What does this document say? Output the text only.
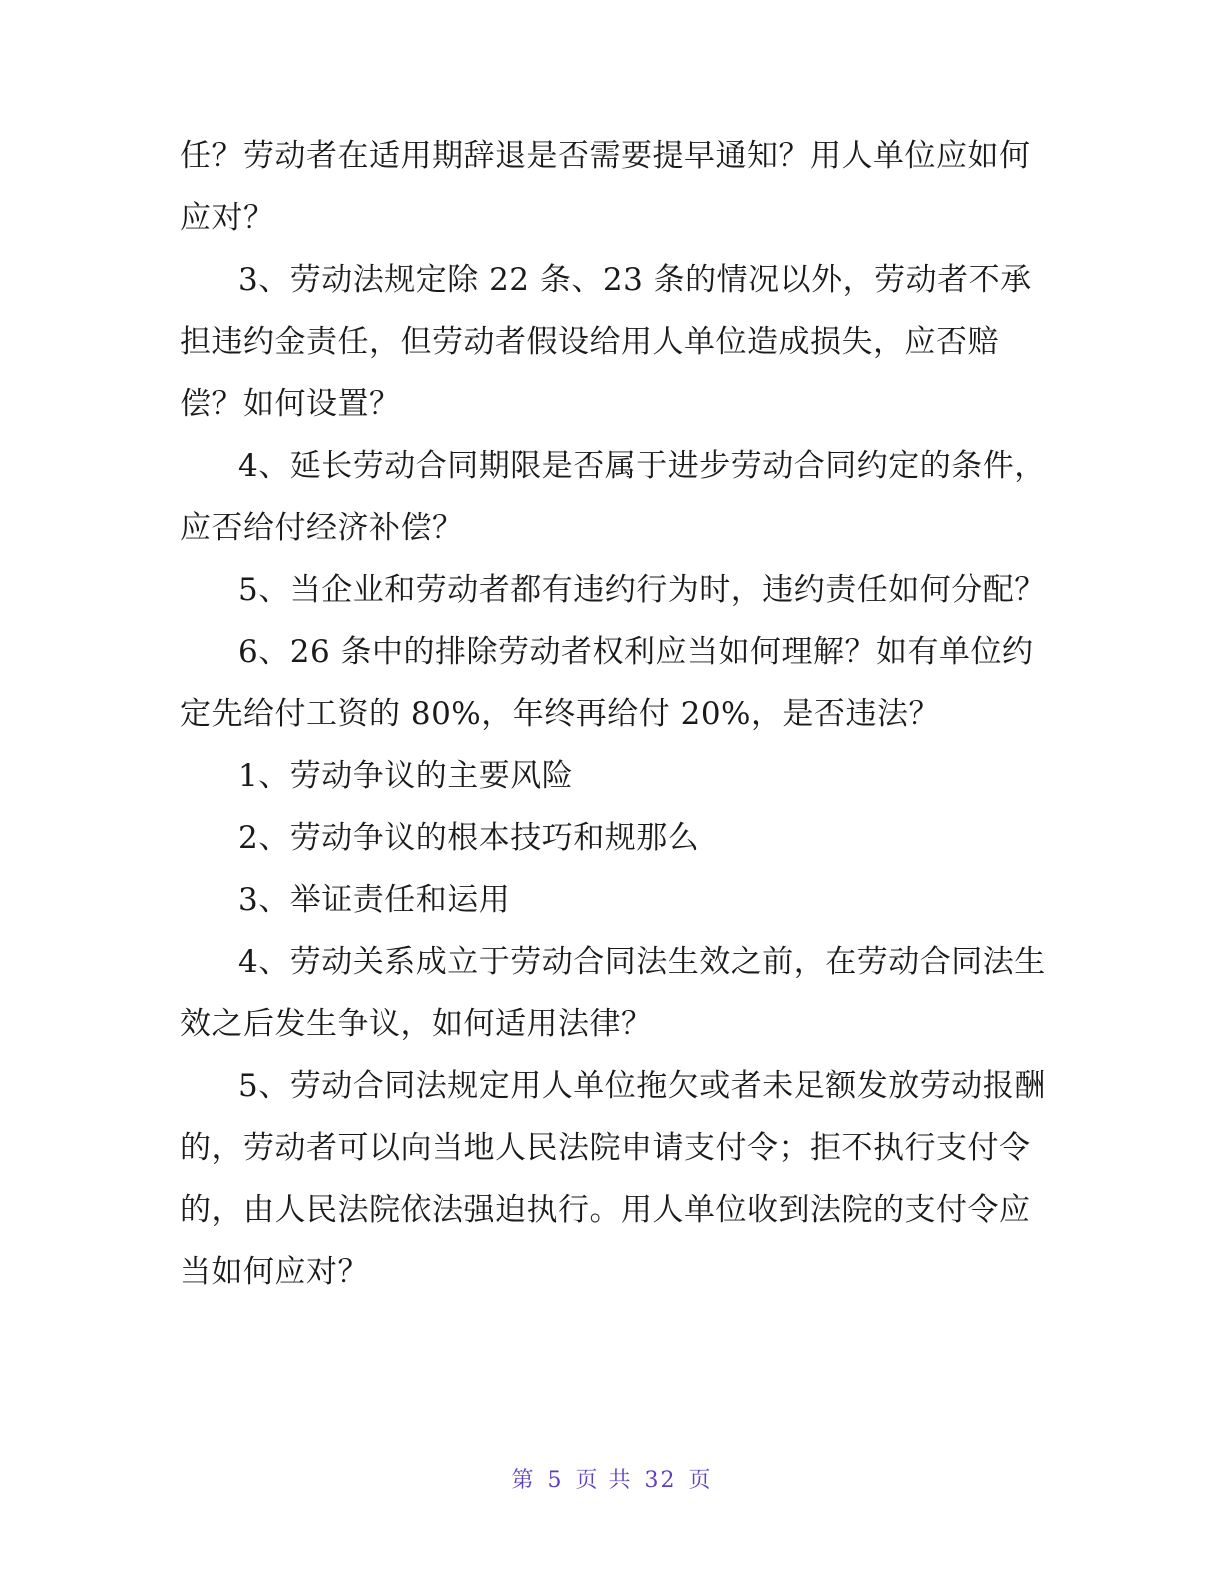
任？劳动者在适用期辞退是否需要提早通知？用人单位应如何应对？

3、劳动法规定除 22 条、23 条的情况以外，劳动者不承担违约金责任，但劳动者假设给用人单位造成损失，应否赔偿？如何设置？

4、延长劳动合同期限是否属于进步劳动合同约定的条件，应否给付经济补偿？

5、当企业和劳动者都有违约行为时，违约责任如何分配？

6、26 条中的排除劳动者权利应当如何理解？如有单位约定先给付工资的 80%，年终再给付 20%，是否违法？

1、劳动争议的主要风险

2、劳动争议的根本技巧和规那么

3、举证责任和运用

4、劳动关系成立于劳动合同法生效之前，在劳动合同法生效之后发生争议，如何适用法律？

5、劳动合同法规定用人单位拖欠或者未足额发放劳动报酬的，劳动者可以向当地人民法院申请支付令；拒不执行支付令的，由人民法院依法强迫执行。用人单位收到法院的支付令应当如何应对？

第 5 页 共 32 页
